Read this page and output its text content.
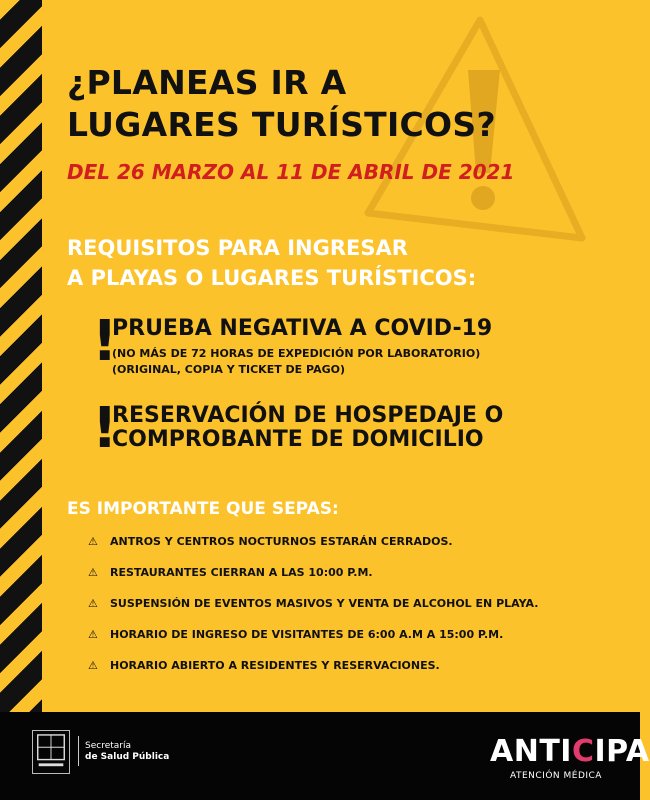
¿PLANEAS IR A
LUGARES TURÍSTICOS?
DEL 26 MARZO AL 11 DE ABRIL DE 2021
REQUISITOS PARA INGRESAR
A PLAYAS O LUGARES TURÍSTICOS:
!
PRUEBA NEGATIVA A COVID-19
(NO MÁS DE 72 HORAS DE EXPEDICIÓN POR LABORATORIO)
(ORIGINAL, COPIA Y TICKET DE PAGO)
!
RESERVACIÓN DE HOSPEDAJE O
COMPROBANTE DE DOMICILIO
ES IMPORTANTE QUE SEPAS:
⚠	ANTROS Y CENTROS NOCTURNOS ESTARÁN CERRADOS.
⚠	RESTAURANTES CIERRAN A LAS 10:00 P.M.
⚠	SUSPENSIÓN DE EVENTOS MASIVOS Y VENTA DE ALCOHOL EN PLAYA.
⚠	HORARIO DE INGRESO DE VISITANTES DE 6:00 A.M A 15:00 P.M.
⚠	HORARIO ABIERTO A RESIDENTES Y RESERVACIONES.
Secretaría
de Salud Pública	ANTICIPA
ATENCIÓN MÉDICA
